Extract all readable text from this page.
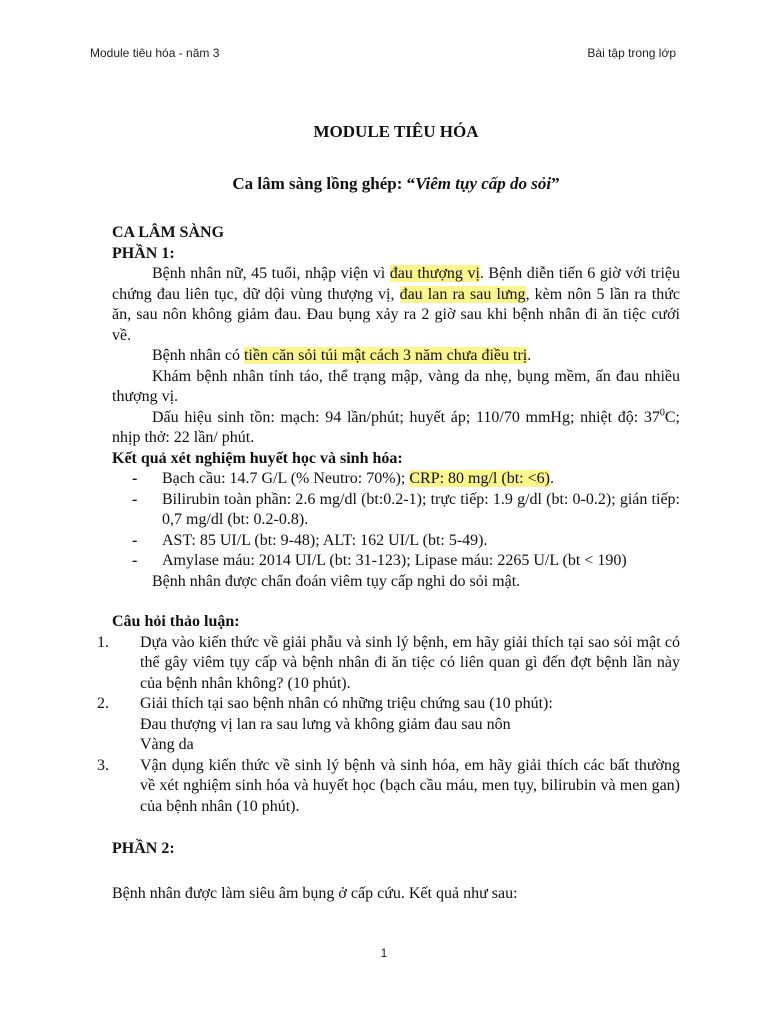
Module tiêu hóa - năm 3	Bài tập trong lớp
MODULE TIÊU HÓA
Ca lâm sàng lồng ghép: “Viêm tụy cấp do sỏi”

CA LÂM SÀNG

PHẦN 1:

Bệnh nhân nữ, 45 tuổi, nhập viện vì đau thượng vị. Bệnh diễn tiến 6 giờ với triệu chứng đau liên tục, dữ dội vùng thượng vị, đau lan ra sau lưng, kèm nôn 5 lần ra thức ăn, sau nôn không giảm đau. Đau bụng xảy ra 2 giờ sau khi bệnh nhân đi ăn tiệc cưới về.

Bệnh nhân có tiền căn sỏi túi mật cách 3 năm chưa điều trị.

Khám bệnh nhân tỉnh táo, thể trạng mập, vàng da nhẹ, bụng mềm, ấn đau nhiều thượng vị.

Dấu hiệu sinh tồn: mạch: 94 lần/phút; huyết áp; 110/70 mmHg; nhiệt độ: $37^0C$; nhịp thở: 22 lần/ phút.

Kết quả xét nghiệm huyết học và sinh hóa:

- Bạch cầu: 14.7 G/L (% Neutro: 70%); CRP: 80 mg/l (bt: <6).
- Bilirubin toàn phần: 2.6 mg/dl (bt:0.2-1); trực tiếp: 1.9 g/dl (bt: 0-0.2); gián tiếp: 0,7 mg/dl (bt: 0.2-0.8).
- AST: 85 UI/L (bt: 9-48); ALT: 162 UI/L (bt: 5-49).
- Amylase máu: 2014 UI/L (bt: 31-123); Lipase máu: 2265 U/L (bt < 190)

Bệnh nhân được chẩn đoán viêm tụy cấp nghi do sỏi mật.

Câu hỏi thảo luận:

1. Dựa vào kiến thức về giải phẫu và sinh lý bệnh, em hãy giải thích tại sao sỏi mật có thể gây viêm tụy cấp và bệnh nhân đi ăn tiệc có liên quan gì đến đợt bệnh lần này của bệnh nhân không? (10 phút).
2. Giải thích tại sao bệnh nhân có những triệu chứng sau (10 phút):
Đau thượng vị lan ra sau lưng và không giảm đau sau nôn
Vàng da
3. Vận dụng kiến thức về sinh lý bệnh và sinh hóa, em hãy giải thích các bất thường về xét nghiệm sinh hóa và huyết học (bạch cầu máu, men tụy, bilirubin và men gan) của bệnh nhân (10 phút).

PHẦN 2:

Bệnh nhân được làm siêu âm bụng ở cấp cứu. Kết quả như sau:

1
